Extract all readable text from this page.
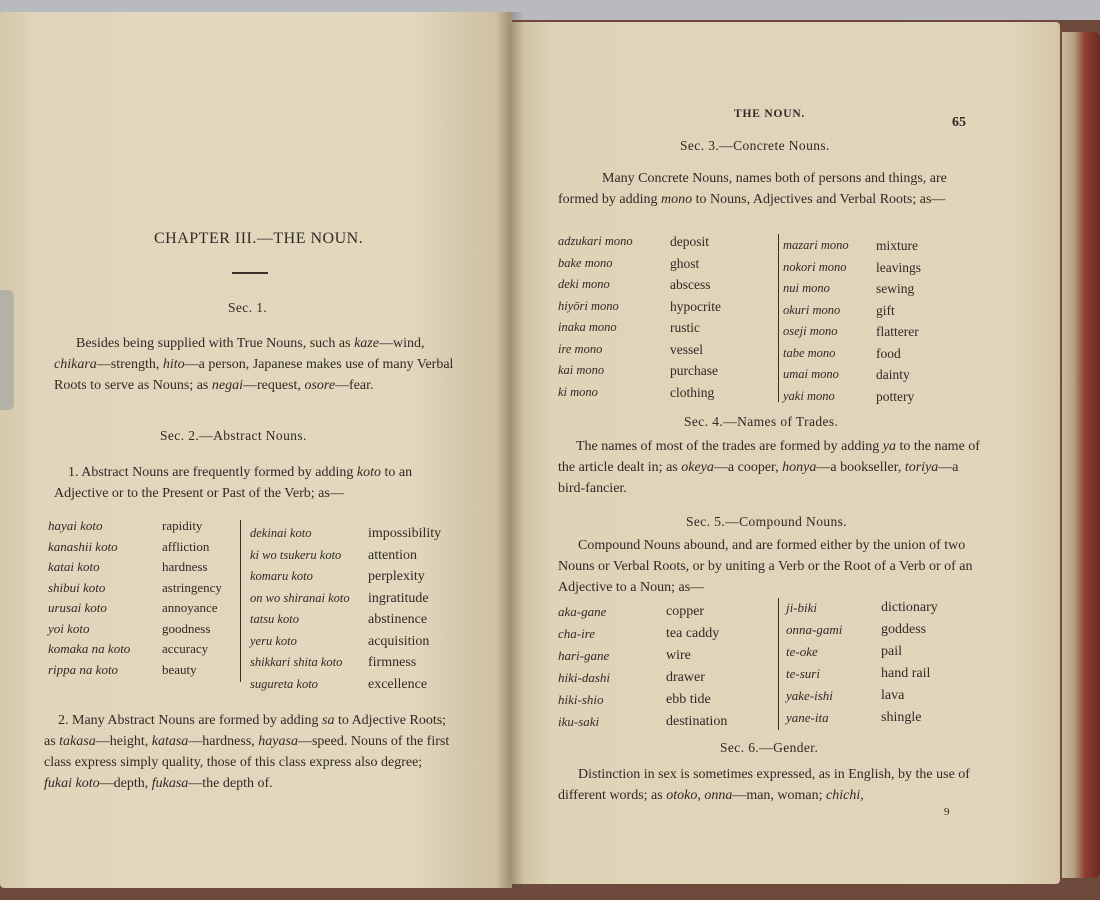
CHAPTER III.—THE NOUN.
Sec. 1.
Besides being supplied with True Nouns, such as kaze—wind, chikara—strength, hito—a person, Japanese makes use of many Verbal Roots to serve as Nouns; as negai—request, osore—fear.
Sec. 2.—Abstract Nouns.
1. Abstract Nouns are frequently formed by adding koto to an Adjective or to the Present or Past of the Verb; as—
hayai koto
kanashii koto
katai koto
shibui koto
urusai koto
yoi koto
komaka na koto
rippa na koto
rapidity
affliction
hardness
astringency
annoyance
goodness
accuracy
beauty
dekinai koto
ki wo tsukeru koto
komaru koto
on wo shiranai koto
tatsu koto
yeru koto
shikkari shita koto
sugureta koto
impossibility
attention
perplexity
ingratitude
abstinence
acquisition
firmness
excellence
2. Many Abstract Nouns are formed by adding sa to Adjective Roots; as takasa—height, katasa—hardness, hayasa—speed. Nouns of the first class express simply quality, those of this class express also degree; fukai koto—depth, fukasa—the depth of.
THE NOUN.
65
Sec. 3.—Concrete Nouns.
Many Concrete Nouns, names both of persons and things, are formed by adding mono to Nouns, Adjectives and Verbal Roots; as—
adzukari mono
bake mono
deki mono
hiyōri mono
inaka mono
ire mono
kai mono
ki mono
deposit
ghost
abscess
hypocrite
rustic
vessel
purchase
clothing
mazari mono
nokori mono
nui mono
okuri mono
oseji mono
tabe mono
umai mono
yaki mono
mixture
leavings
sewing
gift
flatterer
food
dainty
pottery
Sec. 4.—Names of Trades.
The names of most of the trades are formed by adding ya to the name of the article dealt in; as okeya—a cooper, honya—a bookseller, toriya—a bird-fancier.
Sec. 5.—Compound Nouns.
Compound Nouns abound, and are formed either by the union of two Nouns or Verbal Roots, or by uniting a Verb or the Root of a Verb or of an Adjective to a Noun; as—
aka-gane
cha-ire
hari-gane
hiki-dashi
hiki-shio
iku-saki
copper
tea caddy
wire
drawer
ebb tide
destination
ji-biki
onna-gami
te-oke
te-suri
yake-ishi
yane-ita
dictionary
goddess
pail
hand rail
lava
shingle
Sec. 6.—Gender.
Distinction in sex is sometimes expressed, as in English, by the use of different words; as otoko, onna—man, woman; chichi,
9
